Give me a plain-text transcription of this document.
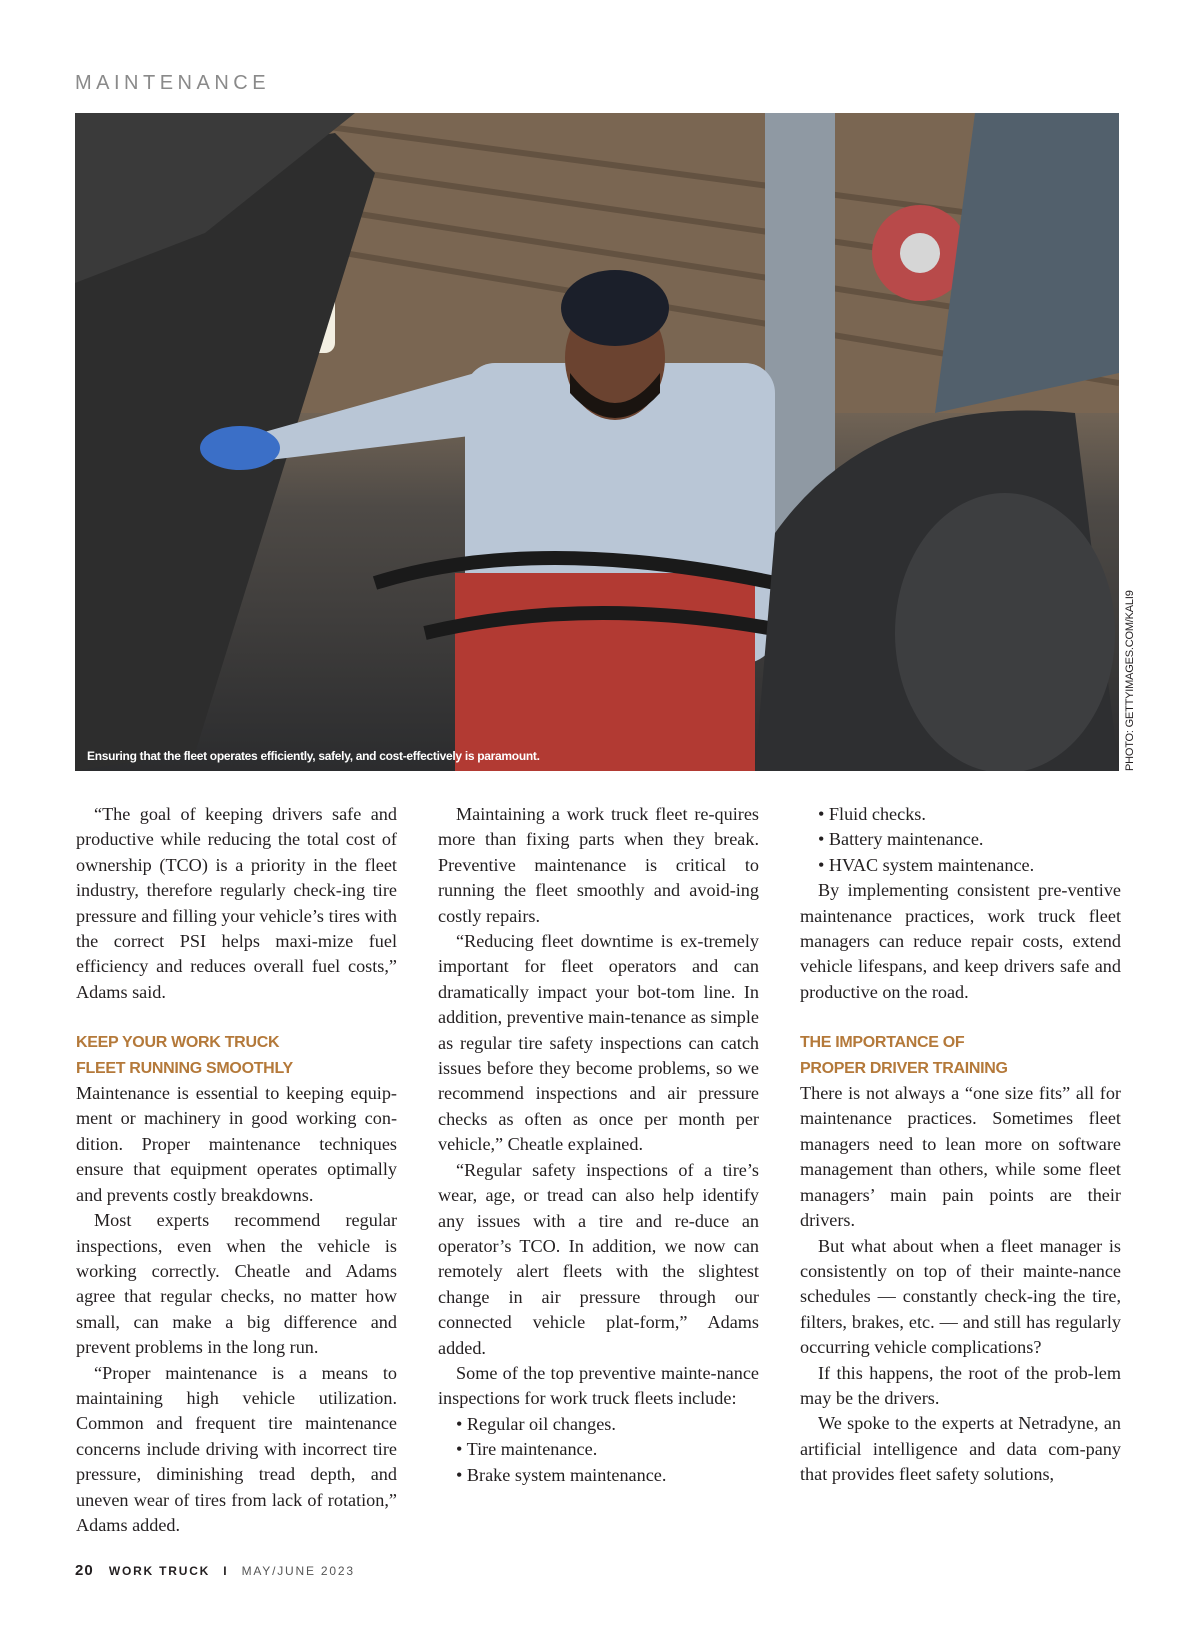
MAINTENANCE
Ensuring that the fleet operates efficiently, safely, and cost-effectively is paramount.	PHOTO: GETTYIMAGES.COM/KALI9

“The goal of keeping drivers safe and productive while reducing the total cost of ownership (TCO) is a priority in the fleet industry, therefore regularly check-ing tire pressure and filling your vehicle’s tires with the correct PSI helps maxi-mize fuel efficiency and reduces overall fuel costs,” Adams said.

KEEP YOUR WORK TRUCK
FLEET RUNNING SMOOTHLY

Maintenance is essential to keeping equip-ment or machinery in good working con-dition. Proper maintenance techniques ensure that equipment operates optimally and prevents costly breakdowns.

Most experts recommend regular inspections, even when the vehicle is working correctly. Cheatle and Adams agree that regular checks, no matter how small, can make a big difference and prevent problems in the long run.

“Proper maintenance is a means to maintaining high vehicle utilization. Common and frequent tire maintenance concerns include driving with incorrect tire pressure, diminishing tread depth, and uneven wear of tires from lack of rotation,” Adams added.

Maintaining a work truck fleet re-quires more than fixing parts when they break. Preventive maintenance is critical to running the fleet smoothly and avoid-ing costly repairs.

“Reducing fleet downtime is ex-tremely important for fleet operators and can dramatically impact your bot-tom line. In addition, preventive main-tenance as simple as regular tire safety inspections can catch issues before they become problems, so we recommend inspections and air pressure checks as often as once per month per vehicle,” Cheatle explained.

“Regular safety inspections of a tire’s wear, age, or tread can also help identify any issues with a tire and re-duce an operator’s TCO. In addition, we now can remotely alert fleets with the slightest change in air pressure through our connected vehicle plat-form,” Adams added.

Some of the top preventive mainte-nance inspections for work truck fleets include:

• Regular oil changes.
• Tire maintenance.
• Brake system maintenance.
• Fluid checks.
• Battery maintenance.
• HVAC system maintenance.

By implementing consistent pre-ventive maintenance practices, work truck fleet managers can reduce repair costs, extend vehicle lifespans, and keep drivers safe and productive on the road.

THE IMPORTANCE OF
PROPER DRIVER TRAINING

There is not always a “one size fits” all for maintenance practices. Sometimes fleet managers need to lean more on software management than others, while some fleet managers’ main pain points are their drivers.

But what about when a fleet manager is consistently on top of their mainte-nance schedules — constantly check-ing the tire, filters, brakes, etc. — and still has regularly occurring vehicle complications?

If this happens, the root of the prob-lem may be the drivers.

We spoke to the experts at Netradyne, an artificial intelligence and data com-pany that provides fleet safety solutions,

20 WORK TRUCK I MAY/JUNE 2023
